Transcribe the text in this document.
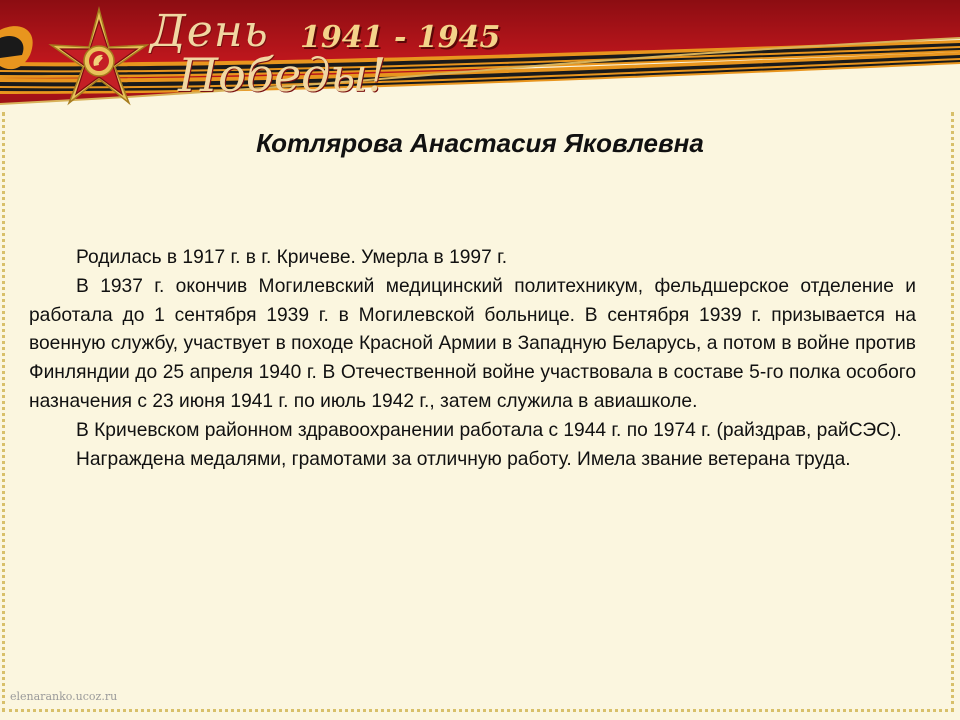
День
Победы!
1941 - 1945
Котлярова Анастасия Яковлевна

Родилась в 1917 г. в г. Кричеве. Умерла в 1997 г.

В 1937 г. окончив Могилевский медицинский политехникум, фельдшерское отделение и работала до 1 сентября 1939 г. в Могилевской больнице. В сентября 1939 г. призывается на военную службу, участвует в походе Красной Армии в Западную Беларусь, а потом в войне против Финляндии до 25 апреля 1940 г. В Отечественной войне участвовала в составе 5-го полка особого назначения с 23 июня 1941 г. по июль 1942 г., затем служила в авиашколе.

В Кричевском районном здравоохранении работала с 1944 г. по 1974 г. (райздрав, райСЭС).

Награждена медалями, грамотами за отличную работу. Имела звание ветерана труда.

elenaranko.ucoz.ru
